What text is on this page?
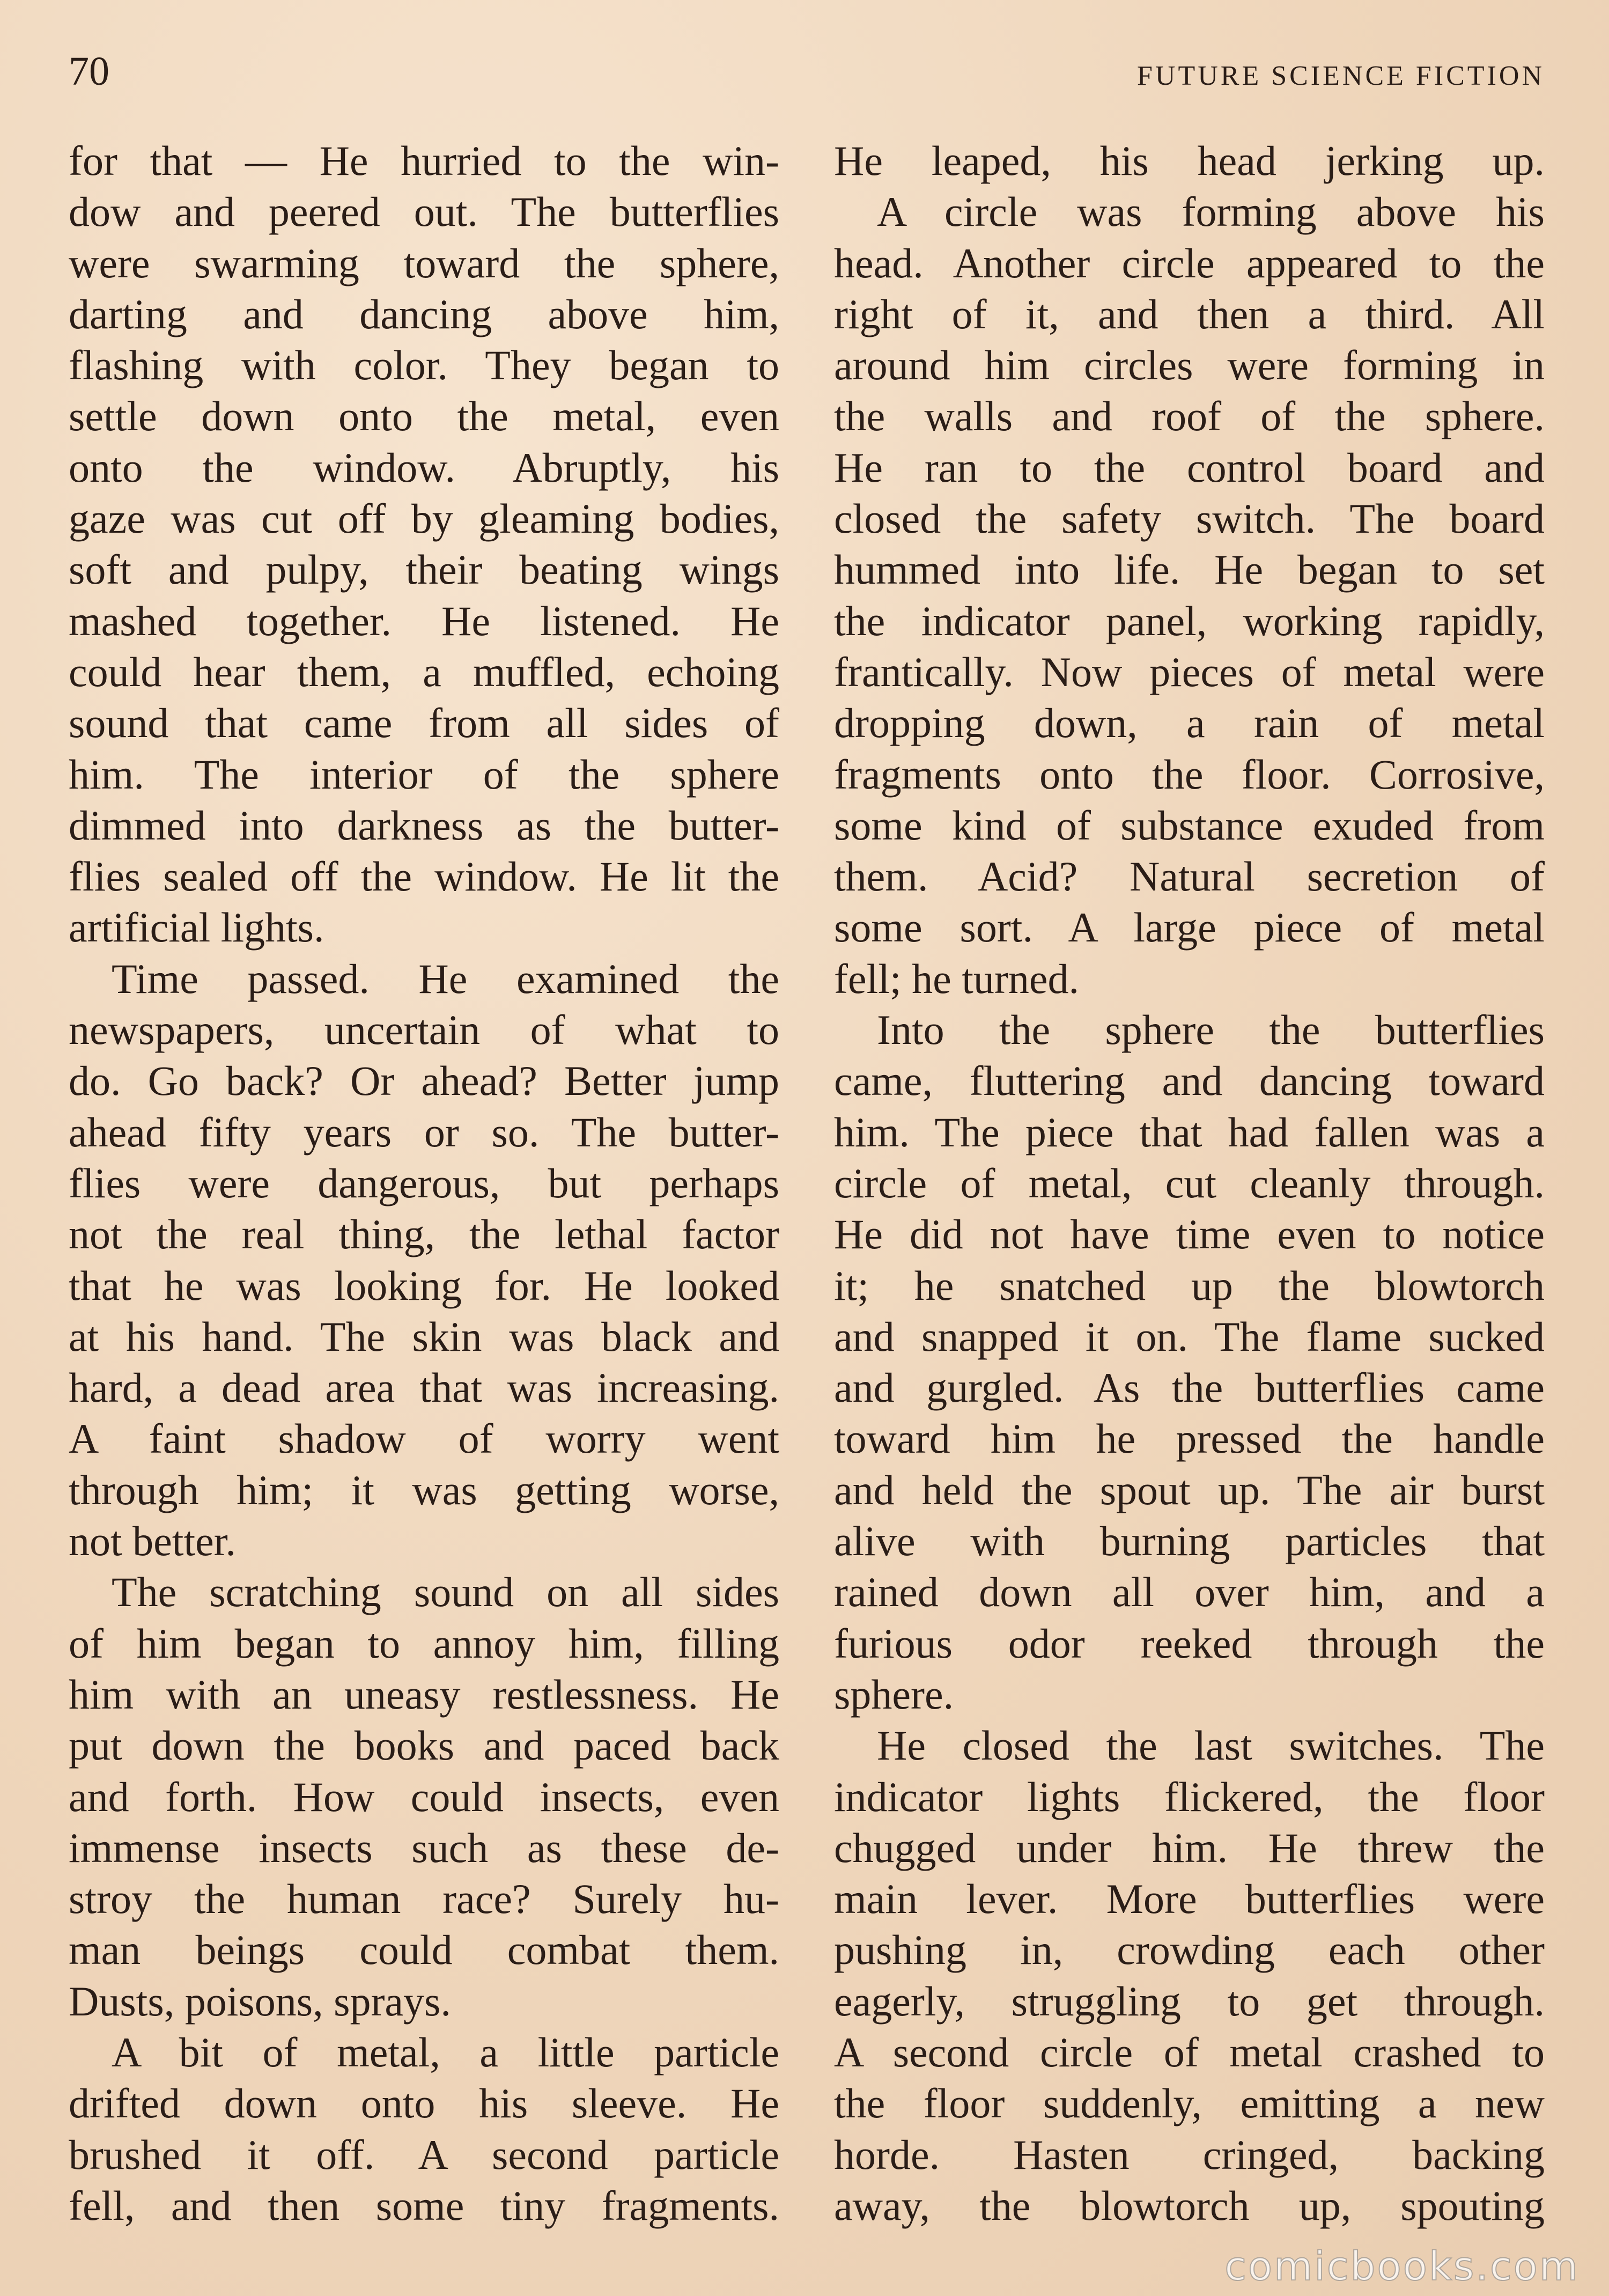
70	FUTURE SCIENCE FICTION
for that — He hurried to the win-
dow and peered out. The butterflies
were swarming toward the sphere,
darting and dancing above him,
flashing with color. They began to
settle down onto the metal, even
onto the window. Abruptly, his
gaze was cut off by gleaming bodies,
soft and pulpy, their beating wings
mashed together. He listened. He
could hear them, a muffled, echoing
sound that came from all sides of
him. The interior of the sphere
dimmed into darkness as the butter-
flies sealed off the window. He lit the
artificial lights.
Time passed. He examined the
newspapers, uncertain of what to
do. Go back? Or ahead? Better jump
ahead fifty years or so. The butter-
flies were dangerous, but perhaps
not the real thing, the lethal factor
that he was looking for. He looked
at his hand. The skin was black and
hard, a dead area that was increasing.
A faint shadow of worry went
through him; it was getting worse,
not better.
The scratching sound on all sides
of him began to annoy him, filling
him with an uneasy restlessness. He
put down the books and paced back
and forth. How could insects, even
immense insects such as these de-
stroy the human race? Surely hu-
man beings could combat them.
Dusts, poisons, sprays.
A bit of metal, a little particle
drifted down onto his sleeve. He
brushed it off. A second particle
fell, and then some tiny fragments.
He leaped, his head jerking up.
A circle was forming above his
head. Another circle appeared to the
right of it, and then a third. All
around him circles were forming in
the walls and roof of the sphere.
He ran to the control board and
closed the safety switch. The board
hummed into life. He began to set
the indicator panel, working rapidly,
frantically. Now pieces of metal were
dropping down, a rain of metal
fragments onto the floor. Corrosive,
some kind of substance exuded from
them. Acid? Natural secretion of
some sort. A large piece of metal
fell; he turned.
Into the sphere the butterflies
came, fluttering and dancing toward
him. The piece that had fallen was a
circle of metal, cut cleanly through.
He did not have time even to notice
it; he snatched up the blowtorch
and snapped it on. The flame sucked
and gurgled. As the butterflies came
toward him he pressed the handle
and held the spout up. The air burst
alive with burning particles that
rained down all over him, and a
furious odor reeked through the
sphere.
He closed the last switches. The
indicator lights flickered, the floor
chugged under him. He threw the
main lever. More butterflies were
pushing in, crowding each other
eagerly, struggling to get through.
A second circle of metal crashed to
the floor suddenly, emitting a new
horde. Hasten cringed, backing
away, the blowtorch up, spouting
comicbooks.com
